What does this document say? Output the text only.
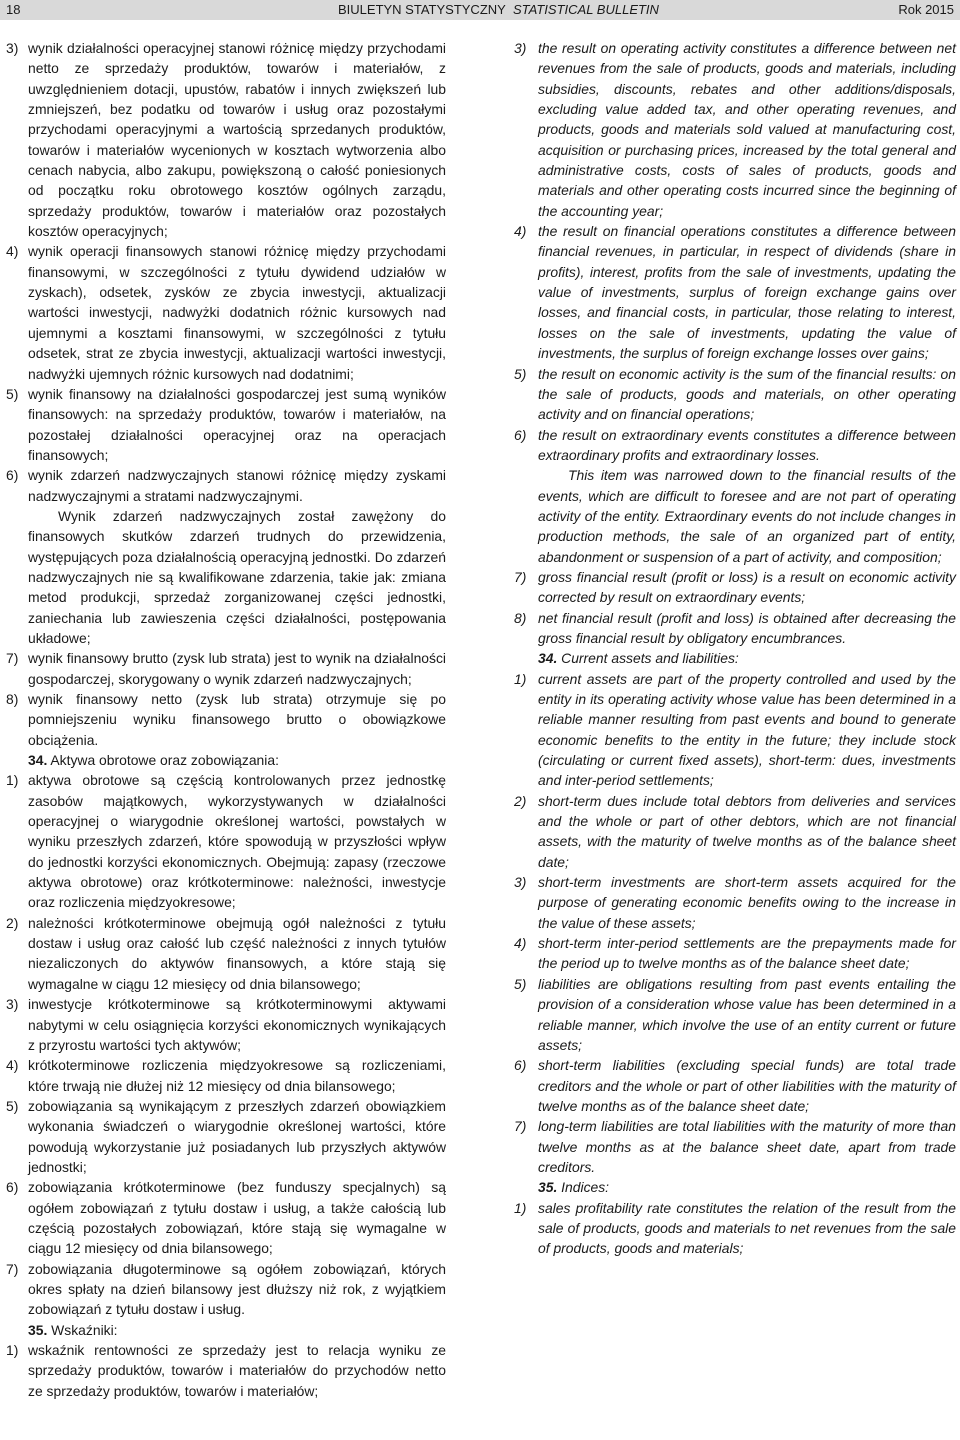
18	BIULETYN STATYSTYCZNY STATISTICAL BULLETIN	Rok 2015
3) wynik działalności operacyjnej stanowi różnicę między przychodami netto ze sprzedaży produktów, towarów i materiałów, z uwzględnieniem dotacji, upustów, rabatów i innych zwiększeń lub zmniejszeń, bez podatku od towarów i usług oraz pozostałymi przychodami operacyjnymi a wartością sprzedanych produktów, towarów i materiałów wycenionych w kosztach wytworzenia albo cenach nabycia, albo zakupu, powiększoną o całość poniesionych od początku roku obrotowego kosztów ogólnych zarządu, sprzedaży produktów, towarów i materiałów oraz pozostałych kosztów operacyjnych;
4) wynik operacji finansowych stanowi różnicę między przychodami finansowymi, w szczególności z tytułu dywidend udziałów w zyskach), odsetek, zysków ze zbycia inwestycji, aktualizacji wartości inwestycji, nadwyżki dodatnich różnic kursowych nad ujemnymi a kosztami finansowymi, w szczególności z tytułu odsetek, strat ze zbycia inwestycji, aktualizacji wartości inwestycji, nadwyżki ujemnych różnic kursowych nad dodatnimi;
5) wynik finansowy na działalności gospodarczej jest sumą wyników finansowych: na sprzedaży produktów, towarów i materiałów, na pozostałej działalności operacyjnej oraz na operacjach finansowych;
6) wynik zdarzeń nadzwyczajnych stanowi różnicę między zyskami nadzwyczajnymi a stratami nadzwyczajnymi.
Wynik zdarzeń nadzwyczajnych został zawężony do finansowych skutków zdarzeń trudnych do przewidzenia, występujących poza działalnością operacyjną jednostki. Do zdarzeń nadzwyczajnych nie są kwalifikowane zdarzenia, takie jak: zmiana metod produkcji, sprzedaż zorganizowanej części jednostki, zaniechania lub zawieszenia części działalności, postępowania układowe;
7) wynik finansowy brutto (zysk lub strata) jest to wynik na działalności gospodarczej, skorygowany o wynik zdarzeń nadzwyczajnych;
8) wynik finansowy netto (zysk lub strata) otrzymuje się po pomniejszeniu wyniku finansowego brutto o obowiązkowe obciążenia.
34. Aktywa obrotowe oraz zobowiązania:
1) aktywa obrotowe są częścią kontrolowanych przez jednostkę zasobów majątkowych, wykorzystywanych w działalności operacyjnej o wiarygodnie określonej wartości, powstałych w wyniku przeszłych zdarzeń, które spowodują w przyszłości wpływ do jednostki korzyści ekonomicznych. Obejmują: zapasy (rzeczowe aktywa obrotowe) oraz krótkoterminowe: należności, inwestycje oraz rozliczenia międzyokresowe;
2) należności krótkoterminowe obejmują ogół należności z tytułu dostaw i usług oraz całość lub część należności z innych tytułów niezaliczonych do aktywów finansowych, a które stają się wymagalne w ciągu 12 miesięcy od dnia bilansowego;
3) inwestycje krótkoterminowe są krótkoterminowymi aktywami nabytymi w celu osiągnięcia korzyści ekonomicznych wynikających z przyrostu wartości tych aktywów;
4) krótkoterminowe rozliczenia międzyokresowe są rozliczeniami, które trwają nie dłużej niż 12 miesięcy od dnia bilansowego;
5) zobowiązania są wynikającym z przeszłych zdarzeń obowiązkiem wykonania świadczeń o wiarygodnie określonej wartości, które powodują wykorzystanie już posiadanych lub przyszłych aktywów jednostki;
6) zobowiązania krótkoterminowe (bez funduszy specjalnych) są ogółem zobowiązań z tytułu dostaw i usług, a także całością lub częścią pozostałych zobowiązań, które stają się wymagalne w ciągu 12 miesięcy od dnia bilansowego;
7) zobowiązania długoterminowe są ogółem zobowiązań, których okres spłaty na dzień bilansowy jest dłuższy niż rok, z wyjątkiem zobowiązań z tytułu dostaw i usług.
35. Wskaźniki:
1) wskaźnik rentowności ze sprzedaży jest to relacja wyniku ze sprzedaży produktów, towarów i materiałów do przychodów netto ze sprzedaży produktów, towarów i materiałów;
3) the result on operating activity constitutes a difference between net revenues from the sale of products, goods and materials, including subsidies, discounts, rebates and other additions/disposals, excluding value added tax, and other operating revenues, and products, goods and materials sold valued at manufacturing cost, acquisition or purchasing prices, increased by the total general and administrative costs, costs of sales of products, goods and materials and other operating costs incurred since the beginning of the accounting year;
4) the result on financial operations constitutes a difference between financial revenues, in particular, in respect of dividends (share in profits), interest, profits from the sale of investments, updating the value of investments, surplus of foreign exchange gains over losses, and financial costs, in particular, those relating to interest, losses on the sale of investments, updating the value of investments, the surplus of foreign exchange losses over gains;
5) the result on economic activity is the sum of the financial results: on the sale of products, goods and materials, on other operating activity and on financial operations;
6) the result on extraordinary events constitutes a difference between extraordinary profits and extraordinary losses.
This item was narrowed down to the financial results of the events, which are difficult to foresee and are not part of operating activity of the entity. Extraordinary events do not include changes in production methods, the sale of an organized part of entity, abandonment or suspension of a part of activity, and composition;
7) gross financial result (profit or loss) is a result on economic activity corrected by result on extraordinary events;
8) net financial result (profit and loss) is obtained after decreasing the gross financial result by obligatory encumbrances.
34. Current assets and liabilities:
1) current assets are part of the property controlled and used by the entity in its operating activity whose value has been determined in a reliable manner resulting from past events and bound to generate economic benefits to the entity in the future; they include stock (circulating or current fixed assets), short-term: dues, investments and inter-period settlements;
2) short-term dues include total debtors from deliveries and services and the whole or part of other debtors, which are not financial assets, with the maturity of twelve months as of the balance sheet date;
3) short-term investments are short-term assets acquired for the purpose of generating economic benefits owing to the increase in the value of these assets;
4) short-term inter-period settlements are the prepayments made for the period up to twelve months as of the balance sheet date;
5) liabilities are obligations resulting from past events entailing the provision of a consideration whose value has been determined in a reliable manner, which involve the use of an entity current or future assets;
6) short-term liabilities (excluding special funds) are total trade creditors and the whole or part of other liabilities with the maturity of twelve months as of the balance sheet date;
7) long-term liabilities are total liabilities with the maturity of more than twelve months as at the balance sheet date, apart from trade creditors.
35. Indices:
1) sales profitability rate constitutes the relation of the result from the sale of products, goods and materials to net revenues from the sale of products, goods and materials;
